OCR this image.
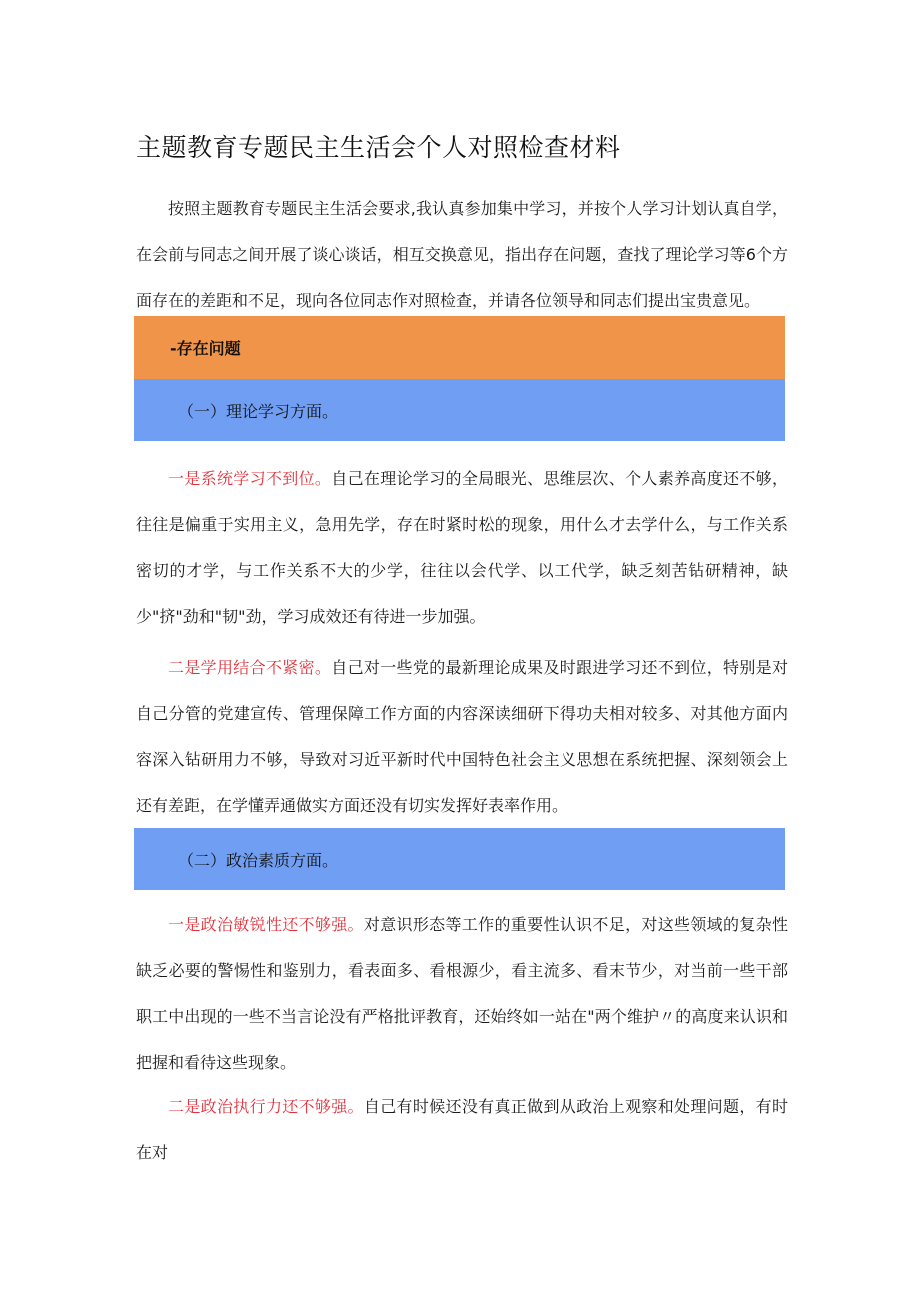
主题教育专题民主生活会个人对照检查材料

按照主题教育专题民主生活会要求,我认真参加集中学习，并按个人学习计划认真自学，在会前与同志之间开展了谈心谈话，相互交换意见，指出存在问题，查找了理论学习等6个方面存在的差距和不足，现向各位同志作对照检查，并请各位领导和同志们提出宝贵意见。

-存在问题
（一）理论学习方面。

一是系统学习不到位。自己在理论学习的全局眼光、思维层次、个人素养高度还不够，往往是偏重于实用主义，急用先学，存在时紧时松的现象，用什么才去学什么，与工作关系密切的才学，与工作关系不大的少学，往往以会代学、以工代学，缺乏刻苦钻研精神，缺少"挤"劲和"韧"劲，学习成效还有待进一步加强。

二是学用结合不紧密。自己对一些党的最新理论成果及时跟进学习还不到位，特别是对自己分管的党建宣传、管理保障工作方面的内容深读细研下得功夫相对较多、对其他方面内容深入钻研用力不够，导致对习近平新时代中国特色社会主义思想在系统把握、深刻领会上还有差距，在学懂弄通做实方面还没有切实发挥好表率作用。

（二）政治素质方面。

一是政治敏锐性还不够强。对意识形态等工作的重要性认识不足，对这些领域的复杂性缺乏必要的警惕性和鉴别力，看表面多、看根源少，看主流多、看末节少，对当前一些干部职工中出现的一些不当言论没有严格批评教育，还始终如一站在"两个维护〃的高度来认识和把握和看待这些现象。

二是政治执行力还不够强。自己有时候还没有真正做到从政治上观察和处理问题，有时在对
